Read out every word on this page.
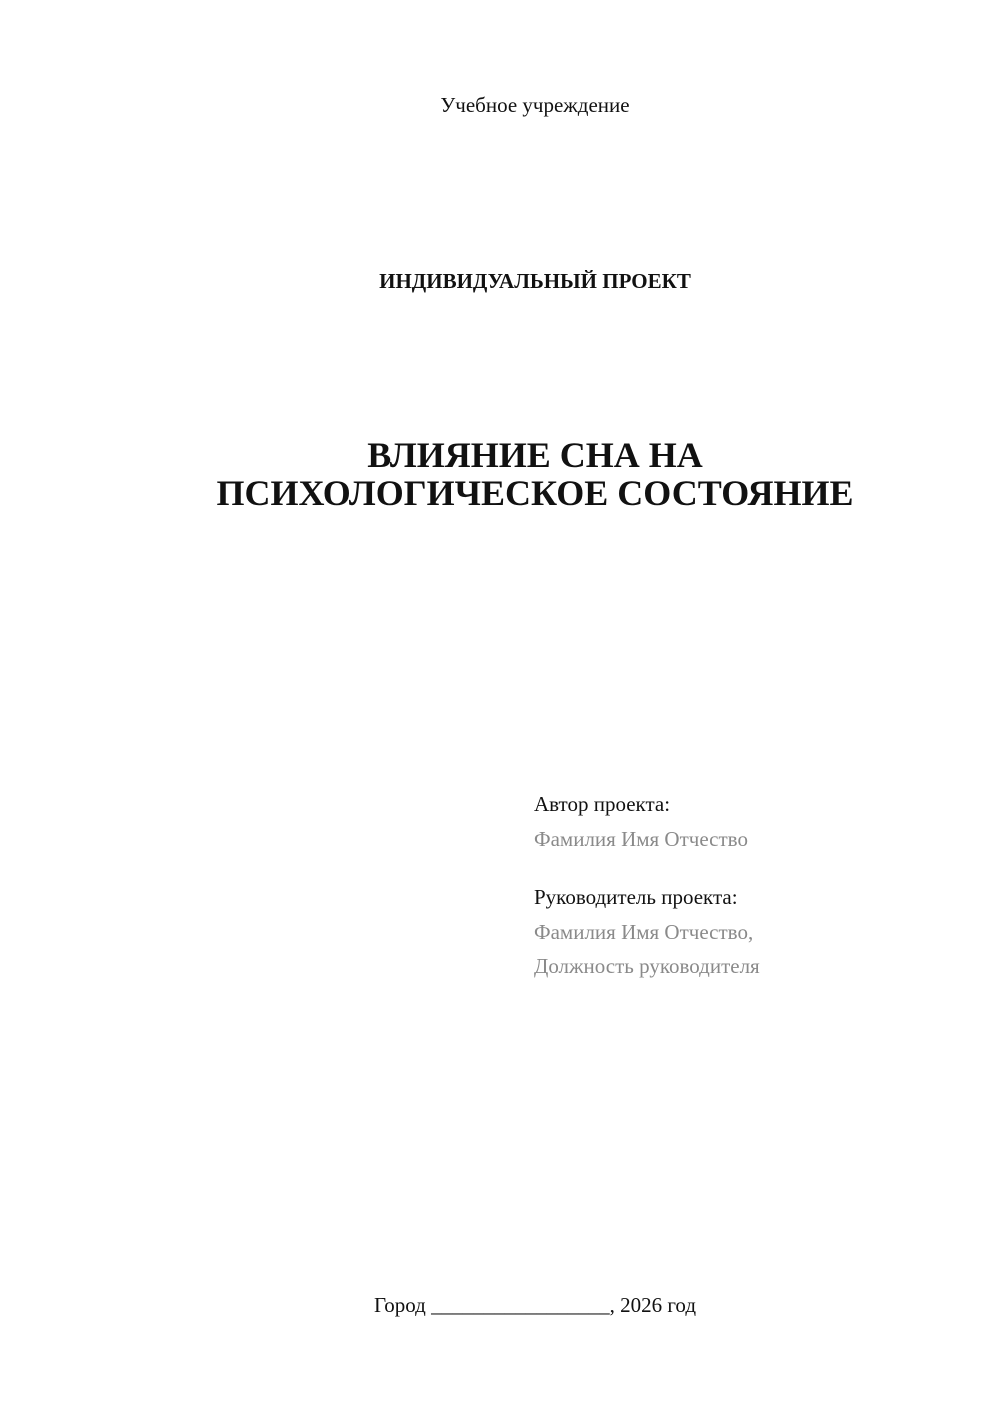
Учебное учреждение
ИНДИВИДУАЛЬНЫЙ ПРОЕКТ
ВЛИЯНИЕ СНА НА
ПСИХОЛОГИЧЕСКОЕ СОСТОЯНИЕ
Автор проекта:
Фамилия Имя Отчество
Руководитель проекта:
Фамилия Имя Отчество,
Должность руководителя
Город _________________, 2026 год
